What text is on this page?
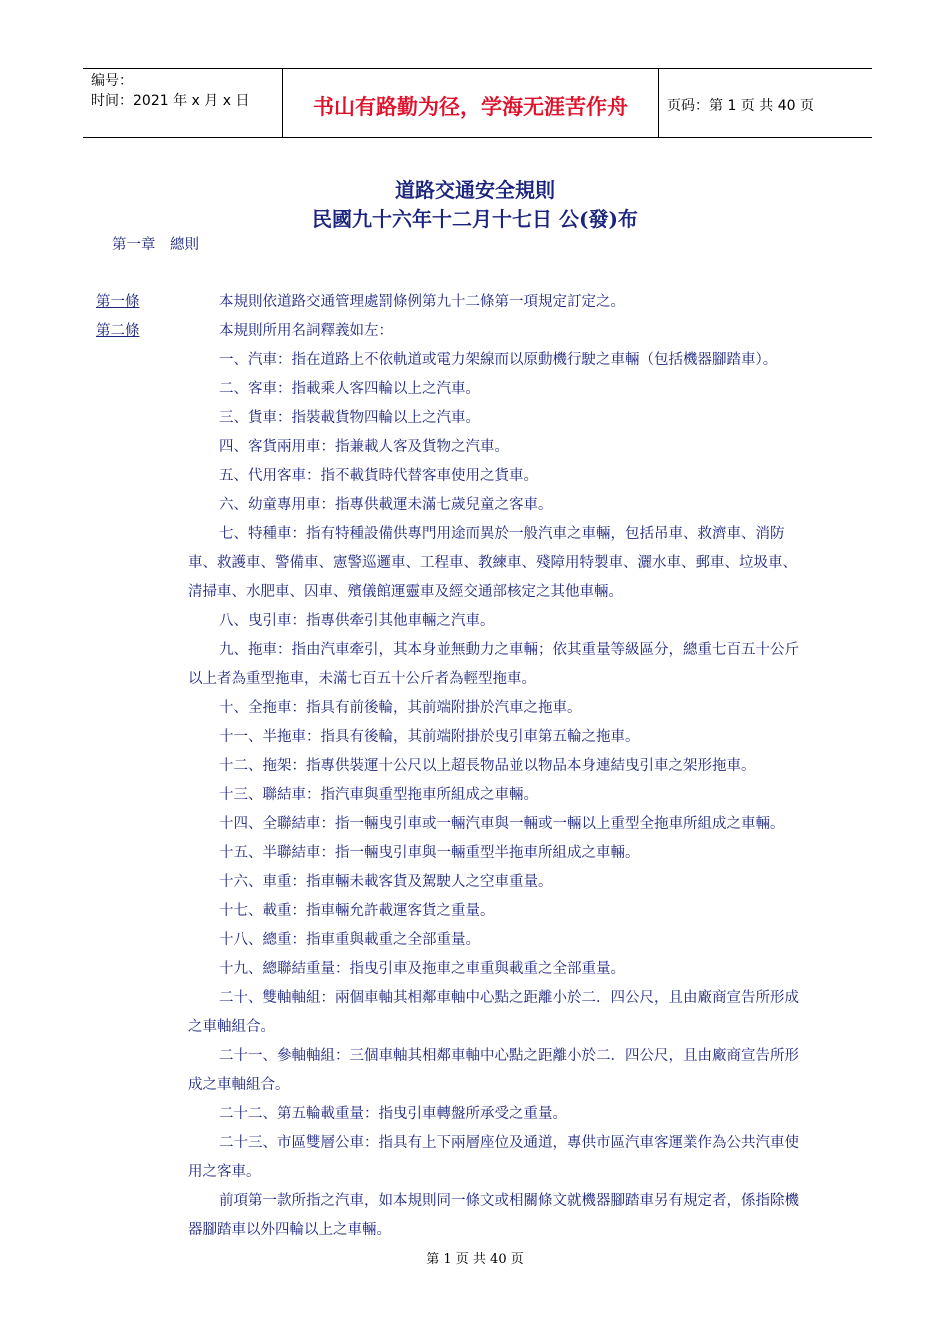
编号：
时间：2021 年 x 月 x 日	书山有路勤为径，学海无涯苦作舟	页码：第 1 页 共 40 页
道路交通安全規則
民國九十六年十二月十七日 公(發)布
第一章　總則
第一條	本規則依道路交通管理處罰條例第九十二條第一項規定訂定之。
第二條	本規則所用名詞釋義如左：
一、汽車：指在道路上不依軌道或電力架線而以原動機行駛之車輛（包括機器腳踏車）。
二、客車：指載乘人客四輪以上之汽車。
三、貨車：指裝載貨物四輪以上之汽車。
四、客貨兩用車：指兼載人客及貨物之汽車。
五、代用客車：指不載貨時代替客車使用之貨車。
六、幼童專用車：指專供載運未滿七歲兒童之客車。
七、特種車：指有特種設備供專門用途而異於一般汽車之車輛，包括吊車、救濟車、消防
車、救護車、警備車、憲警巡邏車、工程車、教練車、殘障用特製車、灑水車、郵車、垃圾車、
清掃車、水肥車、囚車、殯儀館運靈車及經交通部核定之其他車輛。
八、曳引車：指專供牽引其他車輛之汽車。
九、拖車：指由汽車牽引，其本身並無動力之車輛；依其重量等級區分，總重七百五十公斤
以上者為重型拖車，未滿七百五十公斤者為輕型拖車。
十、全拖車：指具有前後輪，其前端附掛於汽車之拖車。
十一、半拖車：指具有後輪，其前端附掛於曳引車第五輪之拖車。
十二、拖架：指專供裝運十公尺以上超長物品並以物品本身連結曳引車之架形拖車。
十三、聯結車：指汽車與重型拖車所組成之車輛。
十四、全聯結車：指一輛曳引車或一輛汽車與一輛或一輛以上重型全拖車所組成之車輛。
十五、半聯結車：指一輛曳引車與一輛重型半拖車所組成之車輛。
十六、車重：指車輛未載客貨及駕駛人之空車重量。
十七、載重：指車輛允許載運客貨之重量。
十八、總重：指車重與載重之全部重量。
十九、總聯結重量：指曳引車及拖車之車重與載重之全部重量。
二十、雙軸軸組：兩個車軸其相鄰車軸中心點之距離小於二．四公尺，且由廠商宣告所形成
之車軸組合。
二十一、參軸軸組：三個車軸其相鄰車軸中心點之距離小於二．四公尺，且由廠商宣告所形
成之車軸組合。
二十二、第五輪載重量：指曳引車轉盤所承受之重量。
二十三、市區雙層公車：指具有上下兩層座位及通道，專供市區汽車客運業作為公共汽車使
用之客車。
前項第一款所指之汽車，如本規則同一條文或相關條文就機器腳踏車另有規定者，係指除機
器腳踏車以外四輪以上之車輛。
第 1 页 共 40 页
